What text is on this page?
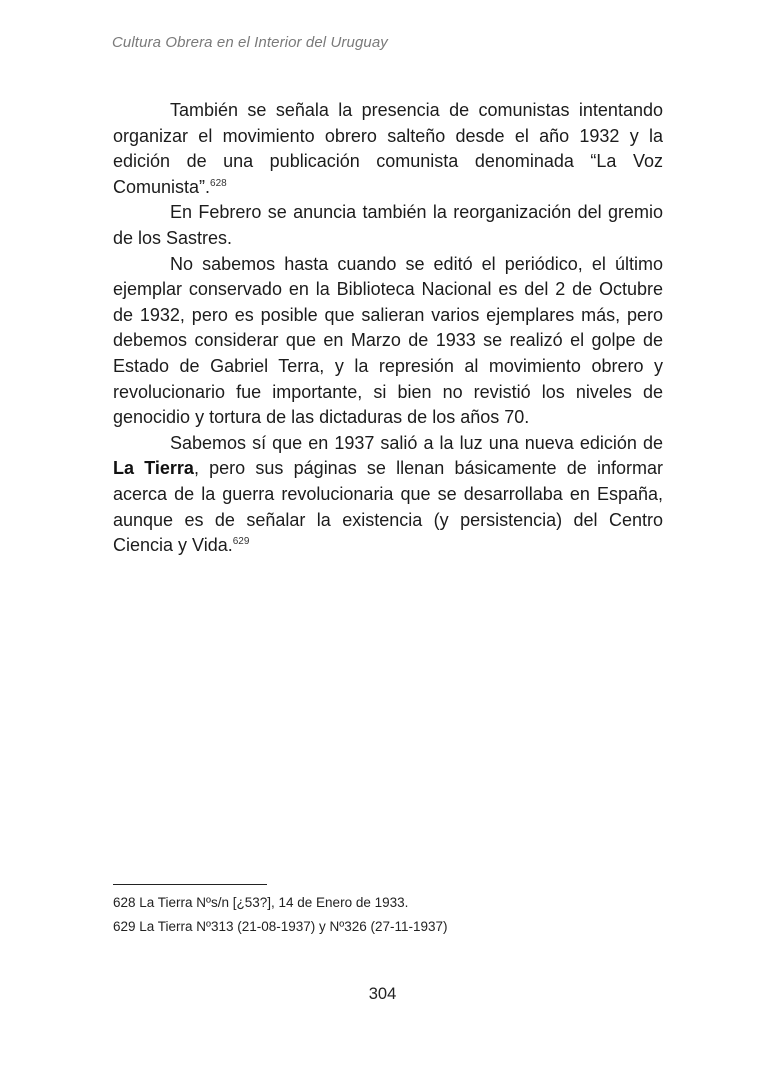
Cultura Obrera en el Interior del Uruguay

También se señala la presencia de comunistas intentando organizar el movimiento obrero salteño desde el año 1932 y la edición de una publicación comunista denominada “La Voz Comunista”.$^{628}$

En Febrero se anuncia también la reorganización del gremio de los Sastres.

No sabemos hasta cuando se editó el periódico, el último ejemplar conservado en la Biblioteca Nacional es del 2 de Octubre de 1932, pero es posible que salieran varios ejemplares más, pero debemos considerar que en Marzo de 1933 se realizó el golpe de Estado de Gabriel Terra, y la represión al movimiento obrero y revolucionario fue importante, si bien no revistió los niveles de genocidio y tortura de las dictaduras de los años 70.

Sabemos sí que en 1937 salió a la luz una nueva edición de La Tierra, pero sus páginas se llenan básicamente de informar acerca de la guerra revolucionaria que se desarrollaba en España, aunque es de señalar la existencia (y persistencia) del Centro Ciencia y Vida.$^{629}$

628 La Tierra Nºs/n [¿53?], 14 de Enero de 1933.

629 La Tierra Nº313 (21-08-1937) y Nº326 (27-11-1937)

304
